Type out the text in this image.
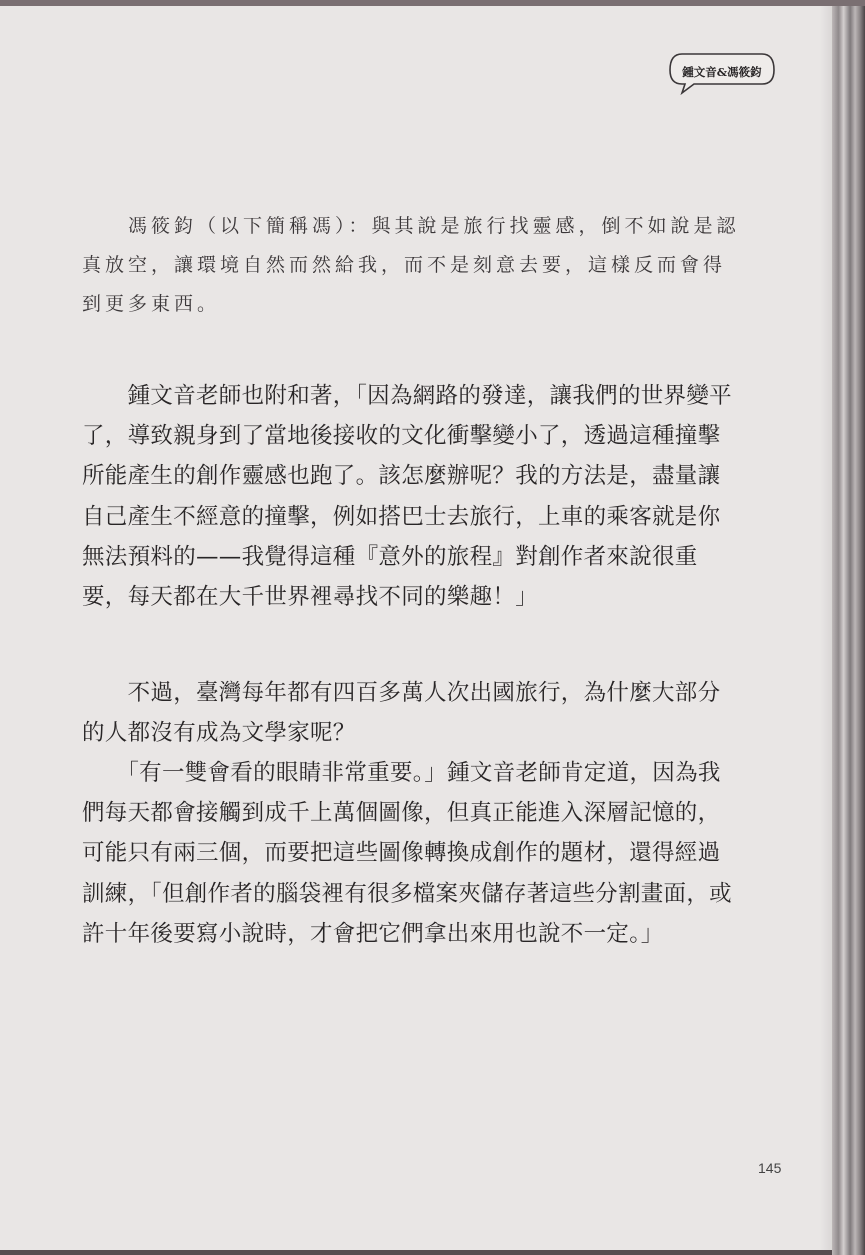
鍾文音&馮筱鈞

　　馮筱鈞（以下簡稱馮）：與其說是旅行找靈感，倒不如說是認真放空，讓環境自然而然給我，而不是刻意去要，這樣反而會得到更多東西。

　　鍾文音老師也附和著，「因為網路的發達，讓我們的世界變平了，導致親身到了當地後接收的文化衝擊變小了，透過這種撞擊所能產生的創作靈感也跑了。該怎麼辦呢？我的方法是，盡量讓自己產生不經意的撞擊，例如搭巴士去旅行，上車的乘客就是你無法預料的——我覺得這種『意外的旅程』對創作者來說很重要，每天都在大千世界裡尋找不同的樂趣！」

　　不過，臺灣每年都有四百多萬人次出國旅行，為什麼大部分的人都沒有成為文學家呢？

　　「有一雙會看的眼睛非常重要。」鍾文音老師肯定道，因為我們每天都會接觸到成千上萬個圖像，但真正能進入深層記憶的，可能只有兩三個，而要把這些圖像轉換成創作的題材，還得經過訓練，「但創作者的腦袋裡有很多檔案夾儲存著這些分割畫面，或許十年後要寫小說時，才會把它們拿出來用也說不一定。」

145
